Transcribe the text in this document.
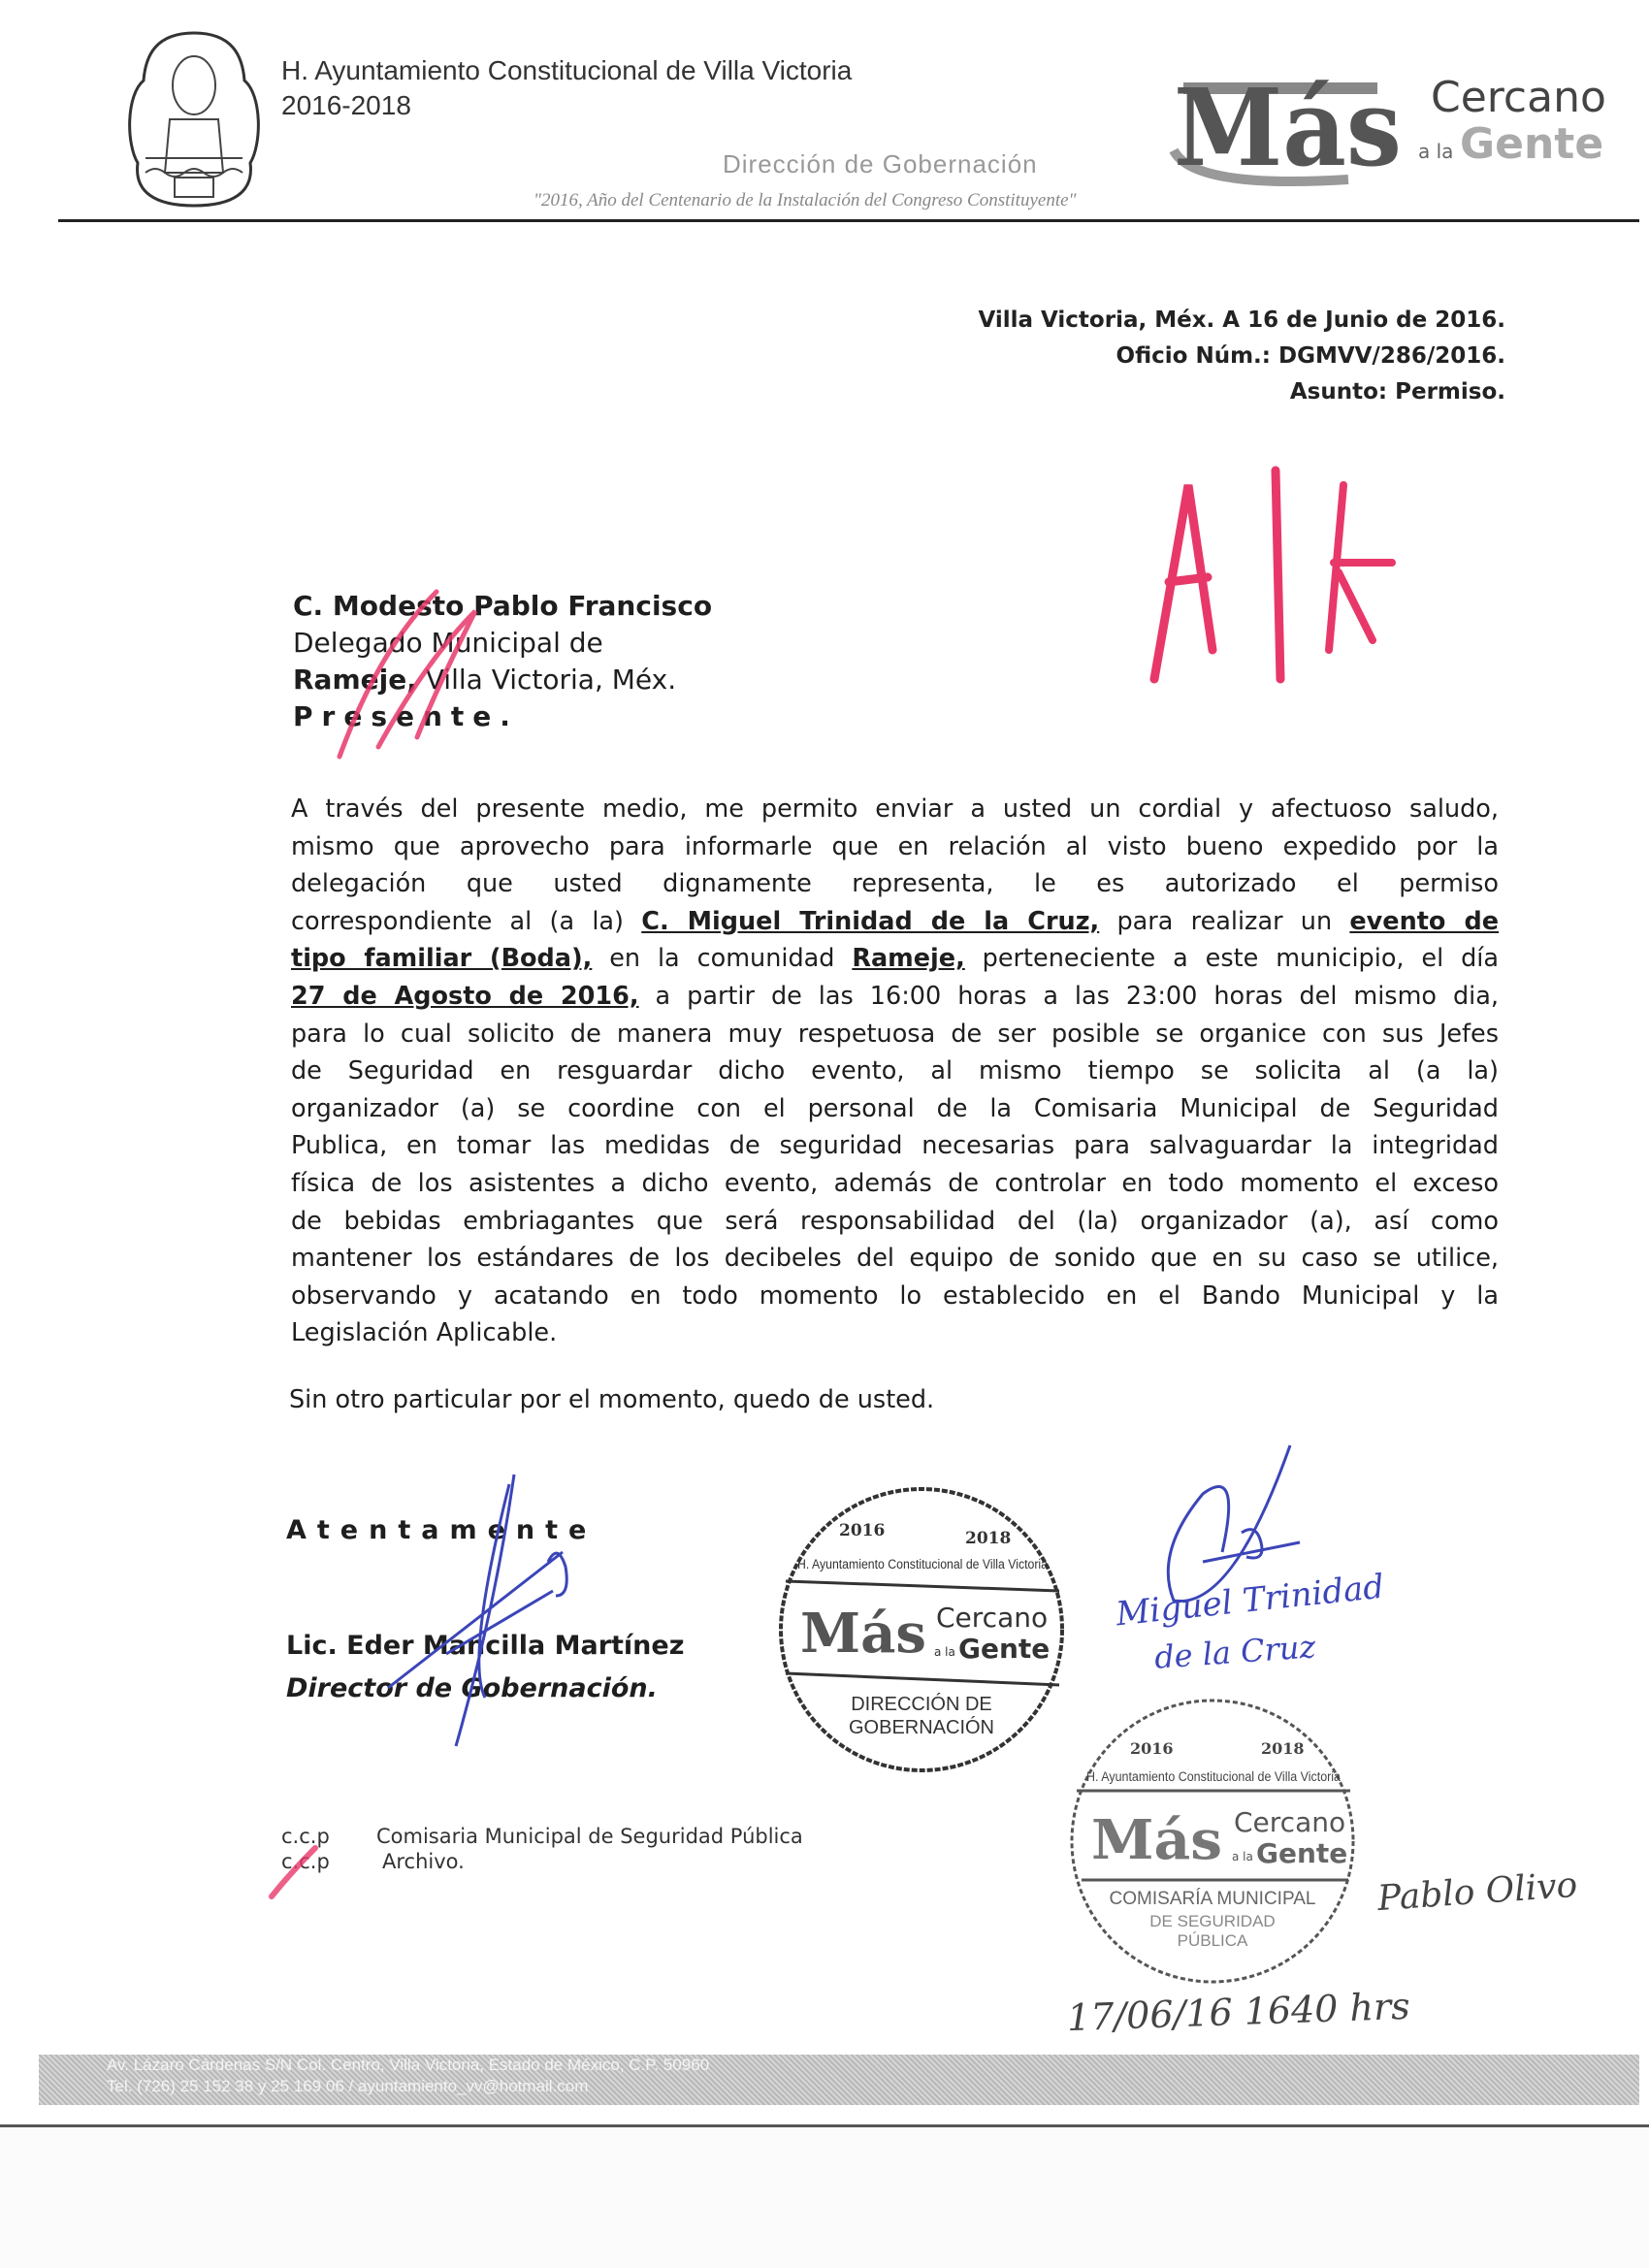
H. Ayuntamiento Constitucional de Villa Victoria
2016-2018
Dirección de Gobernación
"2016, Año del Centenario de la Instalación del Congreso Constituyente"
Más Cercano
a la Gente
Villa Victoria, Méx. A 16 de Junio de 2016.
Oficio Núm.: DGMVV/286/2016.
Asunto: Permiso.
C. Modesto Pablo Francisco
Delegado Municipal de
Rameje, Villa Victoria, Méx.
Presente.
A través del presente medio, me permito enviar a usted un cordial y afectuoso saludo,
mismo que aprovecho para informarle que en relación al visto bueno expedido por la
delegación que usted dignamente representa, le es autorizado el permiso
correspondiente al (a la) C. Miguel Trinidad de la Cruz, para realizar un evento de
tipo familiar (Boda), en la comunidad Rameje, perteneciente a este municipio, el día
27 de Agosto de 2016, a partir de las 16:00 horas a las 23:00 horas del mismo dia,
para lo cual solicito de manera muy respetuosa de ser posible se organice con sus Jefes
de Seguridad en resguardar dicho evento, al mismo tiempo se solicita al (a la)
organizador (a) se coordine con el personal de la Comisaria Municipal de Seguridad
Publica, en tomar las medidas de seguridad necesarias para salvaguardar la integridad
física de los asistentes a dicho evento, además de controlar en todo momento el exceso
de bebidas embriagantes que será responsabilidad del (la) organizador (a), así como
mantener los estándares de los decibeles del equipo de sonido que en su caso se utilice,
observando y acatando en todo momento lo establecido en el Bando Municipal y la
Legislación Aplicable.
Sin otro particular por el momento, quedo de usted.
Atentamente
Lic. Eder Mancilla Martínez
Director de Gobernación.
2016	2018
H. Ayuntamiento Constitucional de Villa Victoria
Más Cercano
a la Gente
DIRECCIÓN DE
GOBERNACIÓN
2016	2018
H. Ayuntamiento Constitucional de Villa Victoria
Más Cercano
a la Gente
COMISARÍA MUNICIPAL
DE SEGURIDAD
PÚBLICA
Miguel Trinidad
de la Cruz
Pablo Olivo
17/06/16 1640 hrs
c.c.p Comisaria Municipal de Seguridad Pública
c.c.p	Archivo.
Av. Lázaro Cárdenas S/N Col. Centro, Villa Victoria, Estado de México, C.P. 50960
Tel. (726) 25 152 38 y 25 169 06 / ayuntamiento_vv@hotmail.com
